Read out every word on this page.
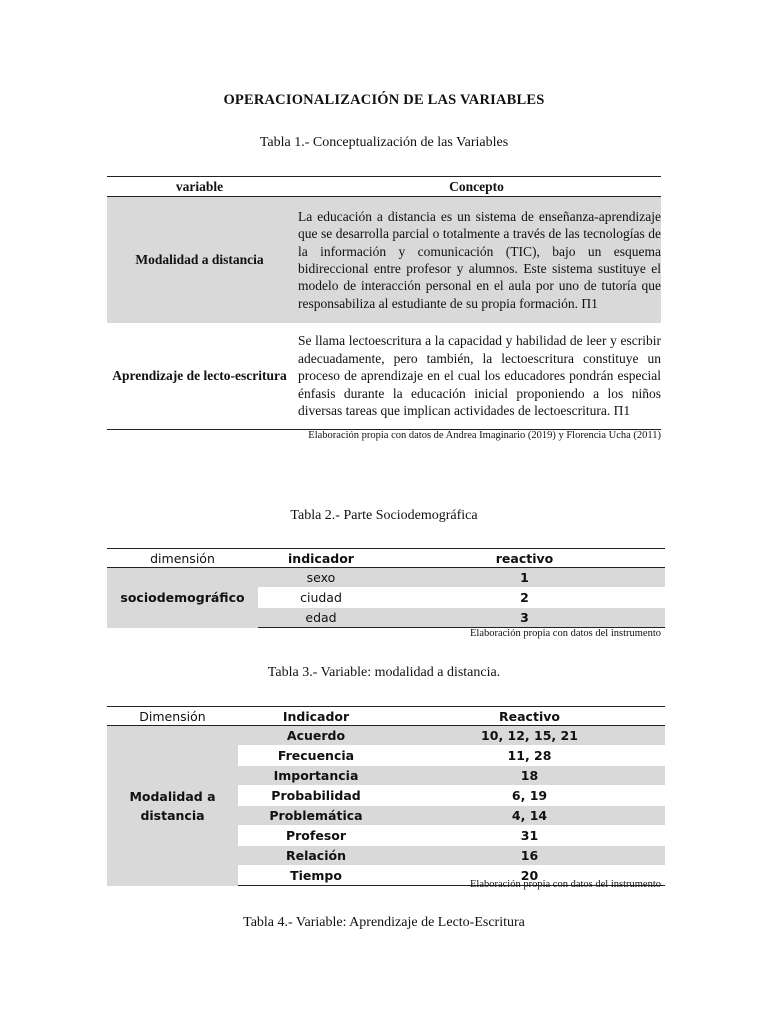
OPERACIONALIZACIÓN DE LAS VARIABLES
Tabla 1.- Conceptualización de las Variables
variable	Concepto
Modalidad a distancia	La educación a distancia es un sistema de enseñanza-aprendizaje que se desarrolla parcial o totalmente a través de las tecnologías de la información y comunicación (TIC), bajo un esquema bidireccional entre profesor y alumnos. Este sistema sustituye el modelo de interacción personal en el aula por uno de tutoría que responsabiliza al estudiante de su propia formación. Π1
Aprendizaje de lecto-escritura	Se llama lectoescritura a la capacidad y habilidad de leer y escribir adecuadamente, pero también, la lectoescritura constituye un proceso de aprendizaje en el cual los educadores pondrán especial énfasis durante la educación inicial proponiendo a los niños diversas tareas que implican actividades de lectoescritura. Π1
Elaboración propia con datos de Andrea Imaginario (2019) y Florencia Ucha (2011)
Tabla 2.- Parte Sociodemográfica
dimensión	indicador	reactivo
sociodemográfico	sexo	1
	ciudad	2
	edad	3
Elaboración propia con datos del instrumento
Tabla 3.- Variable: modalidad a distancia.
Dimensión	Indicador	Reactivo

Modalidad a
distancia	Acuerdo	10, 12, 15, 21
	Frecuencia	11, 28
	Importancia	18
	Probabilidad	6, 19
	Problemática	4, 14
	Profesor	31
	Relación	16
	Tiempo	20
Elaboración propia con datos del instrumento
Tabla 4.- Variable: Aprendizaje de Lecto-Escritura
